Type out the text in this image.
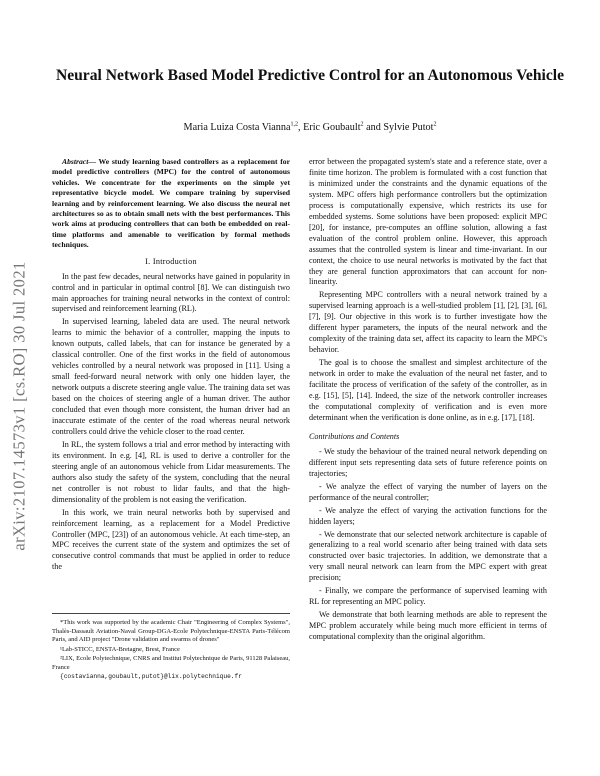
arXiv:2107.14573v1 [cs.RO] 30 Jul 2021
Neural Network Based Model Predictive Control for an Autonomous Vehicle
Maria Luiza Costa Vianna$^{1,2}$, Eric Goubault$^2$ and Sylvie Putot$^2$

Abstract— We study learning based controllers as a replacement for model predictive controllers (MPC) for the control of autonomous vehicles. We concentrate for the experiments on the simple yet representative bicycle model. We compare training by supervised learning and by reinforcement learning. We also discuss the neural net architectures so as to obtain small nets with the best performances. This work aims at producing controllers that can both be embedded on real-time platforms and amenable to verification by formal methods techniques.

I. Introduction

In the past few decades, neural networks have gained in popularity in control and in particular in optimal control [8]. We can distinguish two main approaches for training neural networks in the context of control: supervised and reinforcement learning (RL).

In supervised learning, labeled data are used. The neural network learns to mimic the behavior of a controller, mapping the inputs to known outputs, called labels, that can for instance be generated by a classical controller. One of the first works in the field of autonomous vehicles controlled by a neural network was proposed in [11]. Using a small feed-forward neural network with only one hidden layer, the network outputs a discrete steering angle value. The training data set was based on the choices of steering angle of a human driver. The author concluded that even though more consistent, the human driver had an inaccurate estimate of the center of the road whereas neural network controllers could drive the vehicle closer to the road center.

In RL, the system follows a trial and error method by interacting with its environment. In e.g. [4], RL is used to derive a controller for the steering angle of an autonomous vehicle from Lidar measurements. The authors also study the safety of the system, concluding that the neural net controller is not robust to lidar faults, and that the high-dimensionality of the problem is not easing the verification.

In this work, we train neural networks both by supervised and reinforcement learning, as a replacement for a Model Predictive Controller (MPC, [23]) of an autonomous vehicle. At each time-step, an MPC receives the current state of the system and optimizes the set of consecutive control commands that must be applied in order to reduce the

*This work was supported by the academic Chair "Engineering of Complex Systems", Thalès-Dassault Aviation-Naval Group-DGA-Ecole Polytechnique-ENSTA Paris-Télécom Paris, and AID project "Drone validation and swarms of drones"
¹Lab-STICC, ENSTA-Bretagne, Brest, France
²LIX, Ecole Polytechnique, CNRS and Institut Polytechnique de Paris, 91128 Palaiseau, France
{costavianna,goubault,putot}@lix.polytechnique.fr

error between the propagated system's state and a reference state, over a finite time horizon. The problem is formulated with a cost function that is minimized under the constraints and the dynamic equations of the system. MPC offers high performance controllers but the optimization process is computationally expensive, which restricts its use for embedded systems. Some solutions have been proposed: explicit MPC [20], for instance, pre-computes an offline solution, allowing a fast evaluation of the control problem online. However, this approach assumes that the controlled system is linear and time-invariant. In our context, the choice to use neural networks is motivated by the fact that they are general function approximators that can account for non-linearity.

Representing MPC controllers with a neural network trained by a supervised learning approach is a well-studied problem [1], [2], [3], [6], [7], [9]. Our objective in this work is to further investigate how the different hyper parameters, the inputs of the neural network and the complexity of the training data set, affect its capacity to learn the MPC's behavior.

The goal is to choose the smallest and simplest architecture of the network in order to make the evaluation of the neural net faster, and to facilitate the process of verification of the safety of the controller, as in e.g. [15], [5], [14]. Indeed, the size of the network controller increases the computational complexity of verification and is even more determinant when the verification is done online, as in e.g. [17], [18].

Contributions and Contents

- We study the behaviour of the trained neural network depending on different input sets representing data sets of future reference points on trajectories;

- We analyze the effect of varying the number of layers on the performance of the neural controller;

- We analyze the effect of varying the activation functions for the hidden layers;

- We demonstrate that our selected network architecture is capable of generalizing to a real world scenario after being trained with data sets constructed over basic trajectories. In addition, we demonstrate that a very small neural network can learn from the MPC expert with great precision;

- Finally, we compare the performance of supervised learning with RL for representing an MPC policy.

We demonstrate that both learning methods are able to represent the MPC problem accurately while being much more efficient in terms of computational complexity than the original algorithm.
